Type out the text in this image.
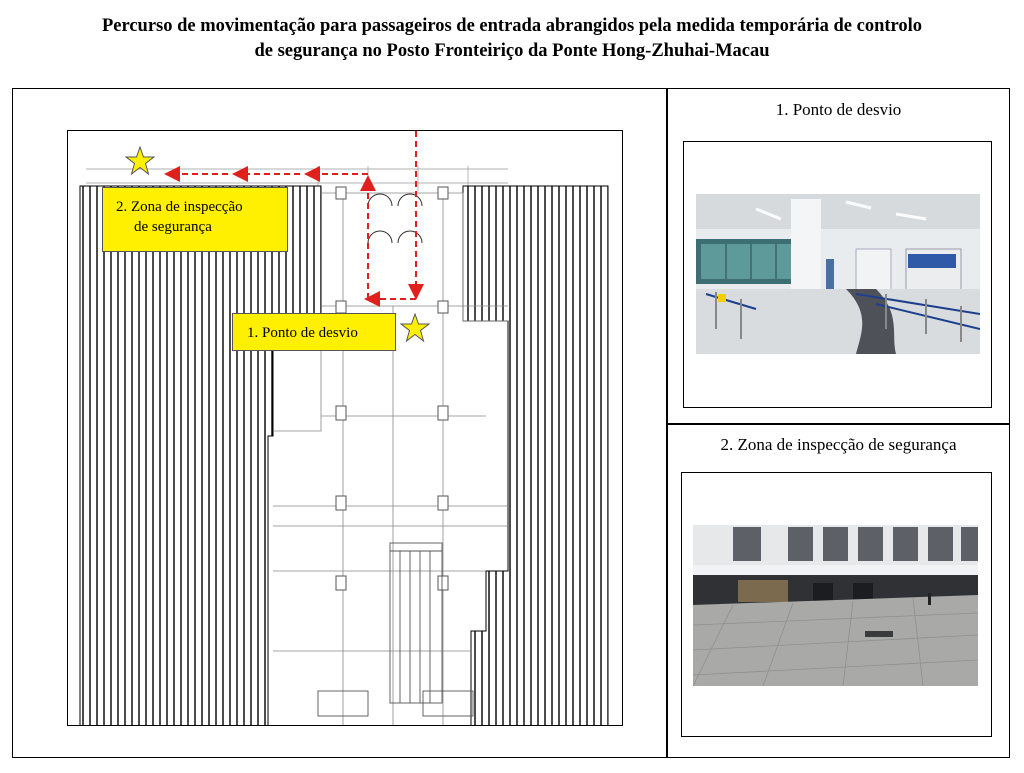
Percurso de movimentação para passageiros de entrada abrangidos pela medida temporária de controlo
de segurança no Posto Fronteiriço da Ponte Hong-Zhuhai-Macau
2. Zona de inspecção
de segurança
1. Ponto de desvio
1. Ponto de desvio
2. Zona de inspecção de segurança
